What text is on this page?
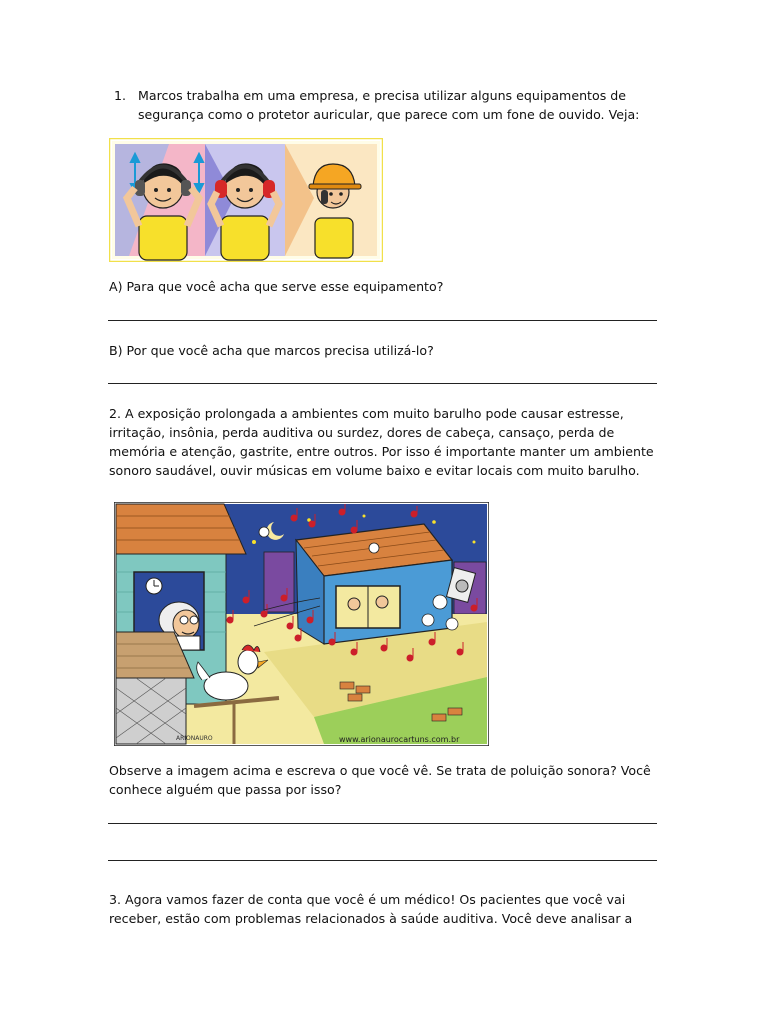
1. Marcos trabalha em uma empresa, e precisa utilizar alguns equipamentos de
segurança como o protetor auricular, que parece com um fone de ouvido. Veja:
A) Para que você acha que serve esse equipamento?
B) Por que você acha que marcos precisa utilizá-lo?
2. A exposição prolongada a ambientes com muito barulho pode causar estresse,
irritação, insônia, perda auditiva ou surdez, dores de cabeça, cansaço, perda de
memória e atenção, gastrite, entre outros. Por isso é importante manter um ambiente
sonoro saudável, ouvir músicas em volume baixo e evitar locais com muito barulho.
www.arionaurocartuns.com.br
ARIONAURO
Observe a imagem acima e escreva o que você vê. Se trata de poluição sonora? Você
conhece alguém que passa por isso?
3. Agora vamos fazer de conta que você é um médico! Os pacientes que você vai
receber, estão com problemas relacionados à saúde auditiva. Você deve analisar a
